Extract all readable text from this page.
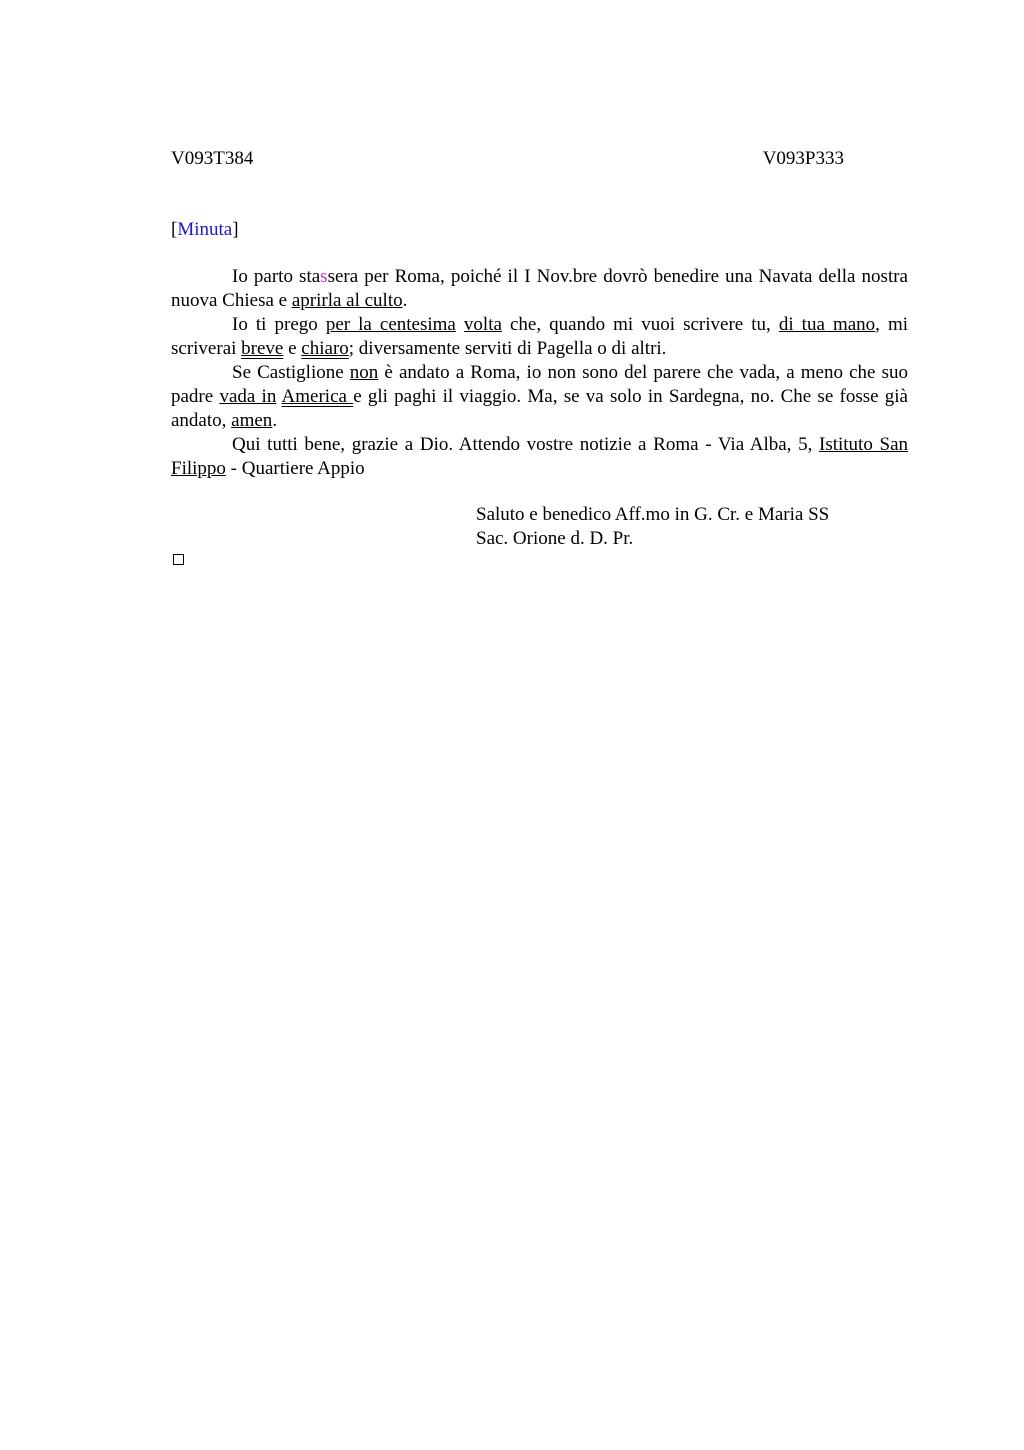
V093T384	V093P333
[Minuta]

Io parto stassera per Roma, poiché il I Nov.bre dovrò benedire una Navata della nostra nuova Chiesa e aprirla al culto.

Io ti prego per la centesima volta che, quando mi vuoi scrivere tu, di tua mano, mi scriverai breve e chiaro; diversamente serviti di Pagella o di altri.

Se Castiglione non è andato a Roma, io non sono del parere che vada, a meno che suo padre vada in America e gli paghi il viaggio. Ma, se va solo in Sardegna, no. Che se fosse già andato, amen.

Qui tutti bene, grazie a Dio. Attendo vostre notizie a Roma - Via Alba, 5, Istituto San Filippo - Quartiere Appio

Saluto e benedico Aff.mo in G. Cr. e Maria SS
Sac. Orione d. D. Pr.
